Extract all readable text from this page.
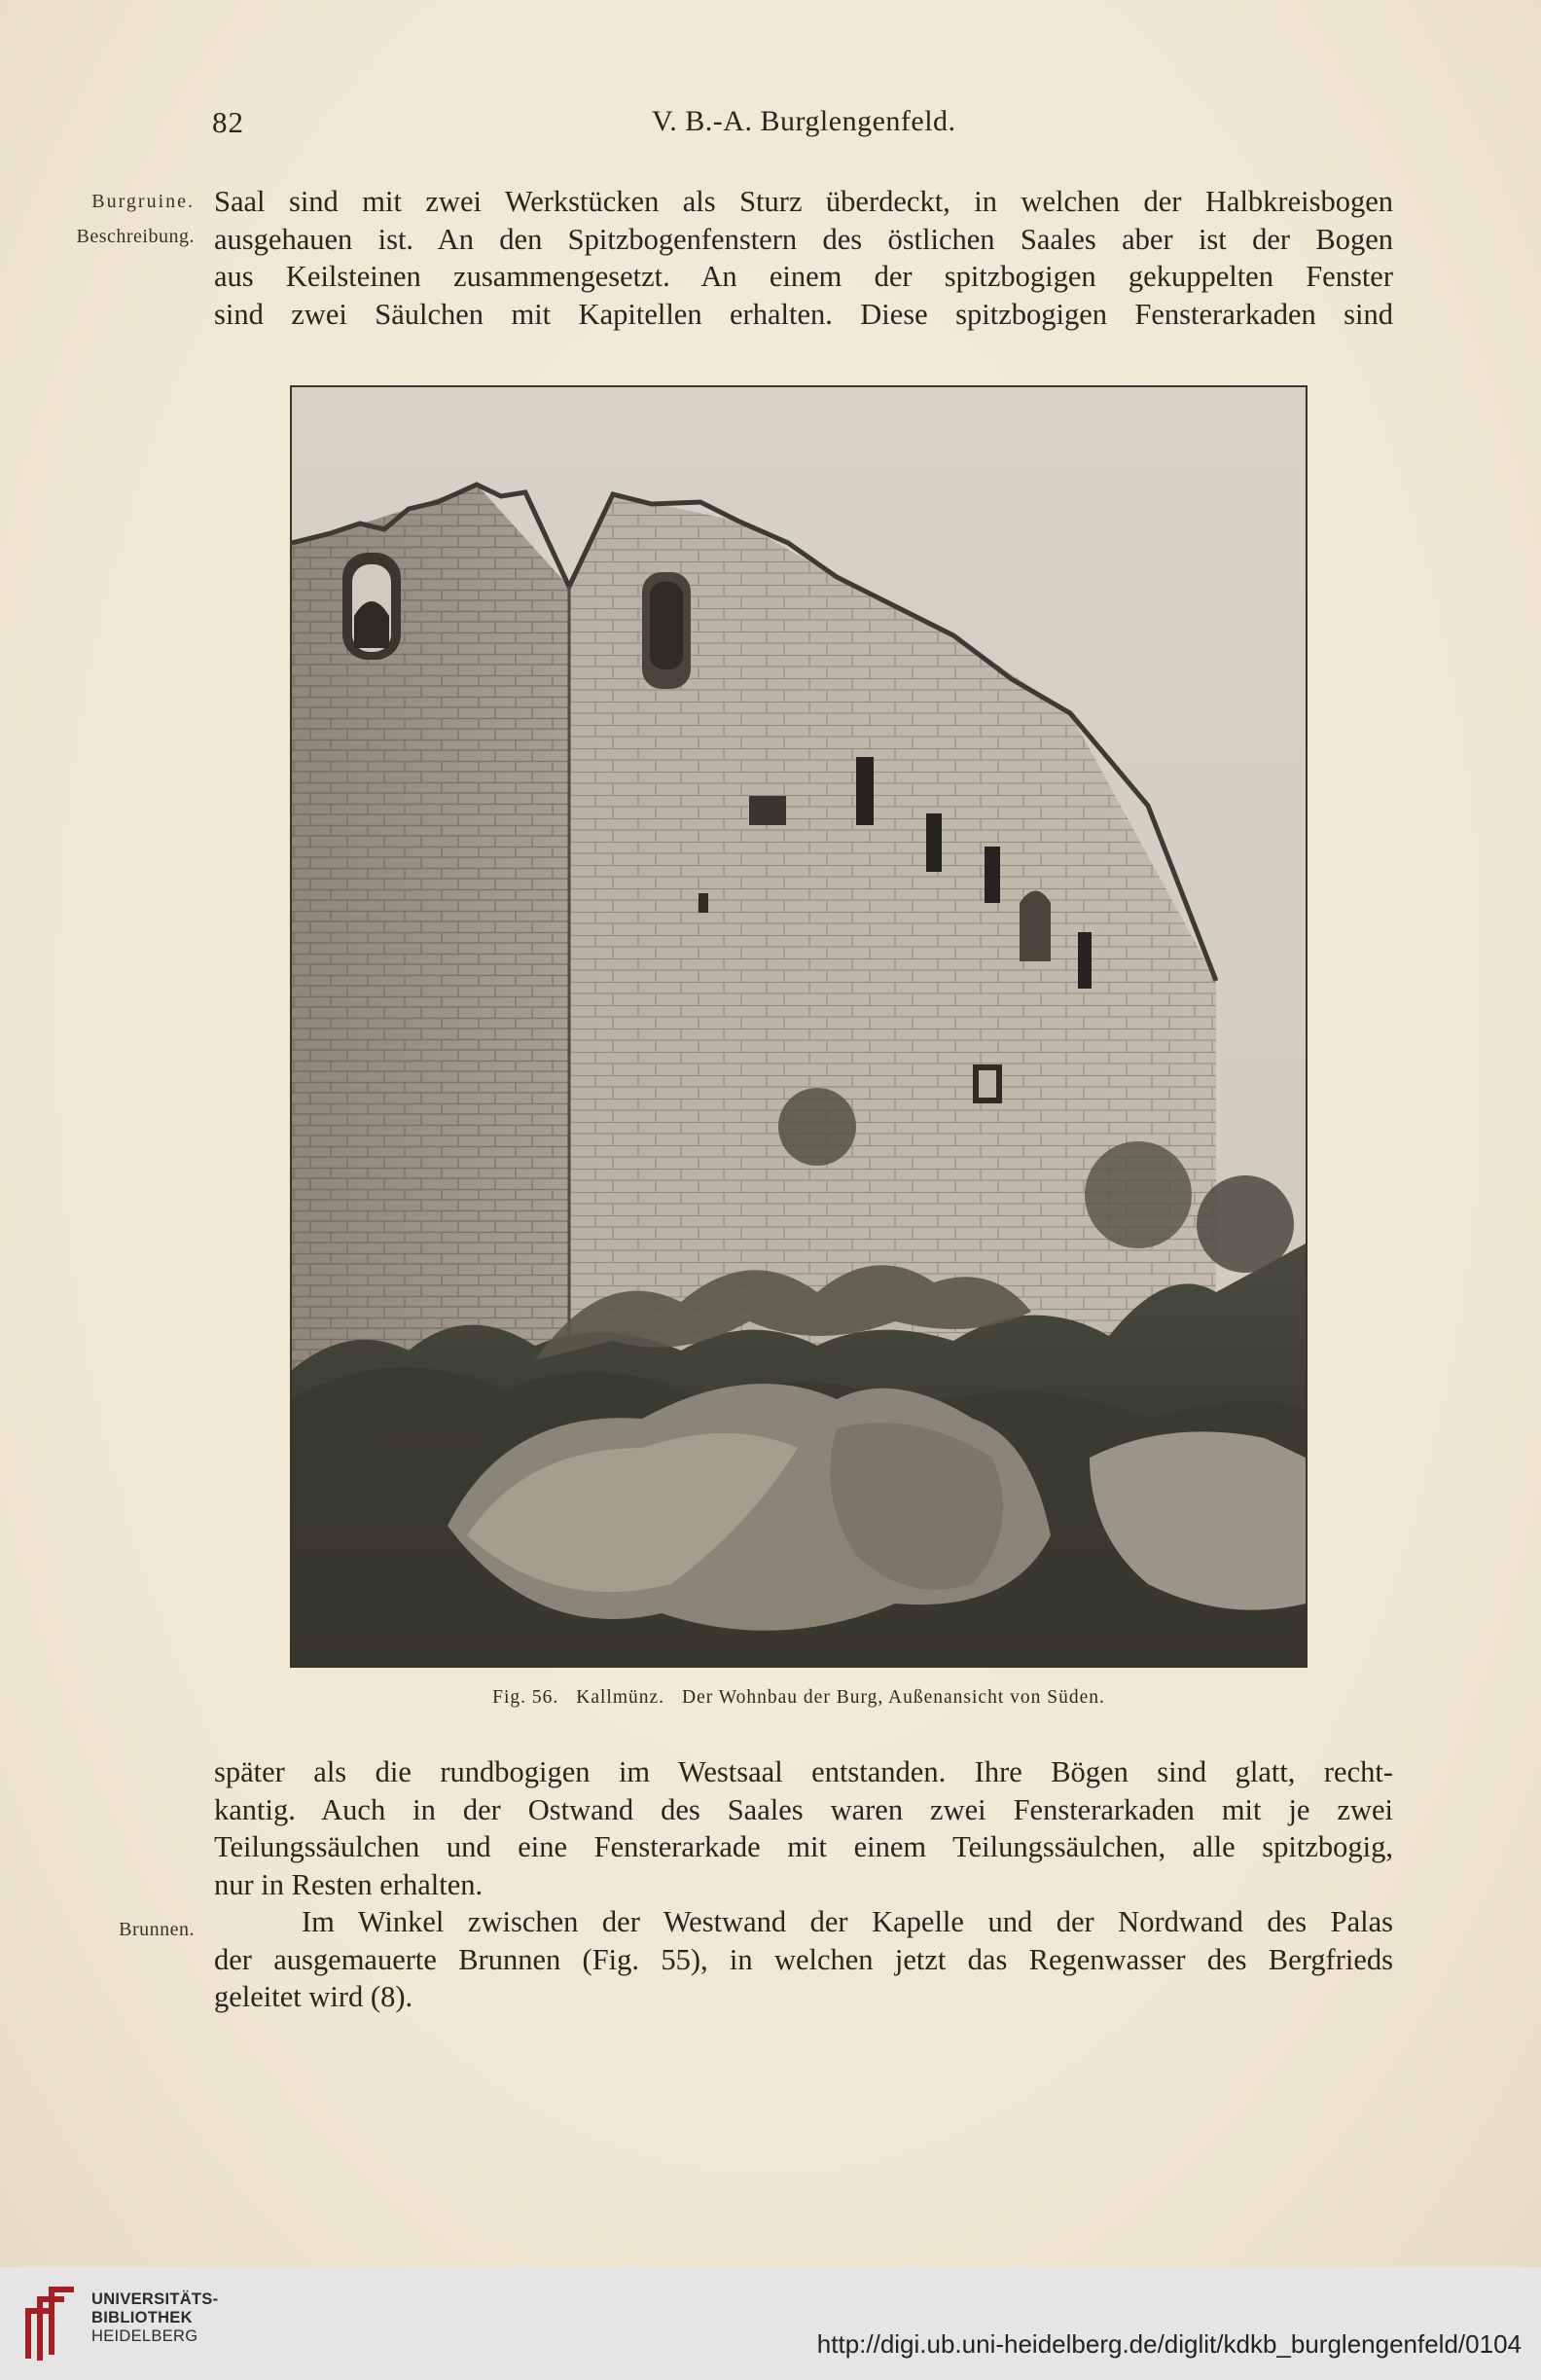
82	V. B.-A. Burglengenfeld.
Burgruine.
Beschreibung.

Saal sind mit zwei Werkstücken als Sturz überdeckt, in welchen der Halbkreisbogen

ausgehauen ist. An den Spitzbogenfenstern des östlichen Saales aber ist der Bogen

aus Keilsteinen zusammengesetzt. An einem der spitzbogigen gekuppelten Fenster

sind zwei Säulchen mit Kapitellen erhalten. Diese spitzbogigen Fensterarkaden sind

Fig. 56. Kallmünz. Der Wohnbau der Burg, Außenansicht von Süden.

später als die rundbogigen im Westsaal entstanden. Ihre Bögen sind glatt, recht-

kantig. Auch in der Ostwand des Saales waren zwei Fensterarkaden mit je zwei

Teilungssäulchen und eine Fensterarkade mit einem Teilungssäulchen, alle spitzbogig,

nur in Resten erhalten.

Im Winkel zwischen der Westwand der Kapelle und der Nordwand des Palas

der ausgemauerte Brunnen (Fig. 55), in welchen jetzt das Regenwasser des Bergfrieds

geleitet wird (8).

Brunnen.
UNIVERSITÄTS-
BIBLIOTHEK
HEIDELBERG	http://digi.ub.uni-heidelberg.de/diglit/kdkb_burglengenfeld/0104
